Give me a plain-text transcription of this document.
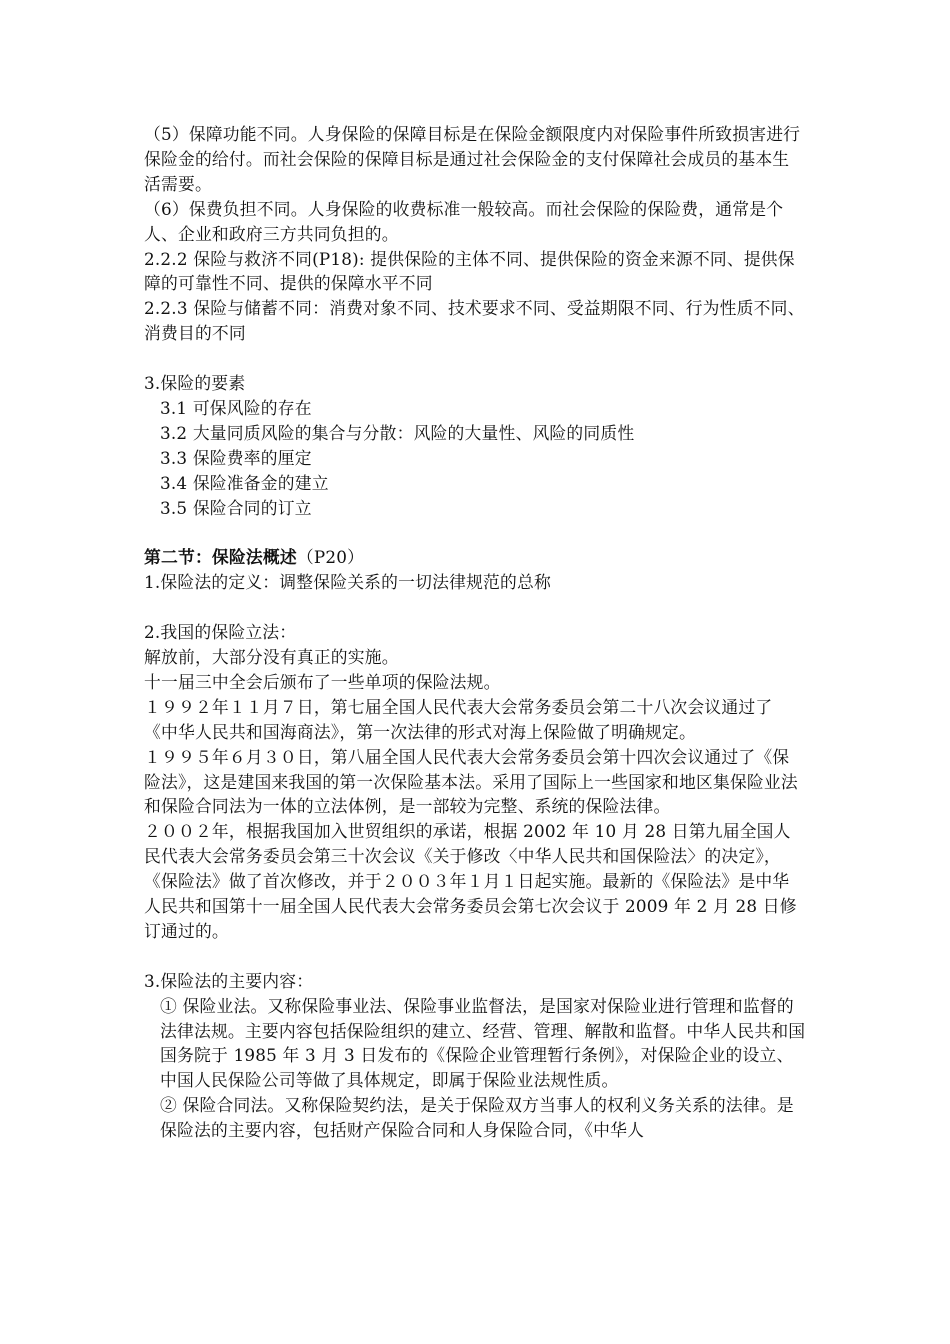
（5）保障功能不同。人身保险的保障目标是在保险金额限度内对保险事件所致损害进行保险金的给付。而社会保险的保障目标是通过社会保险金的支付保障社会成员的基本生活需要。

（6）保费负担不同。人身保险的收费标准一般较高。而社会保险的保险费，通常是个人、企业和政府三方共同负担的。

2.2.2 保险与救济不同(P18): 提供保险的主体不同、提供保险的资金来源不同、提供保障的可靠性不同、提供的保障水平不同

2.2.3 保险与储蓄不同：消费对象不同、技术要求不同、受益期限不同、行为性质不同、消费目的不同

3.保险的要素

3.1 可保风险的存在

3.2 大量同质风险的集合与分散：风险的大量性、风险的同质性

3.3 保险费率的厘定

3.4 保险准备金的建立

3.5 保险合同的订立

第二节：保险法概述（P20）

1.保险法的定义：调整保险关系的一切法律规范的总称

2.我国的保险立法：

解放前，大部分没有真正的实施。

十一届三中全会后颁布了一些单项的保险法规。

１９９２年１１月７日，第七届全国人民代表大会常务委员会第二十八次会议通过了《中华人民共和国海商法》，第一次法律的形式对海上保险做了明确规定。

１９９５年６月３０日，第八届全国人民代表大会常务委员会第十四次会议通过了《保险法》，这是建国来我国的第一次保险基本法。采用了国际上一些国家和地区集保险业法和保险合同法为一体的立法体例，是一部较为完整、系统的保险法律。

２００２年，根据我国加入世贸组织的承诺，根据 2002 年 10 月 28 日第九届全国人民代表大会常务委员会第三十次会议《关于修改〈中华人民共和国保险法〉的决定》，《保险法》做了首次修改，并于２００３年１月１日起实施。最新的《保险法》是中华人民共和国第十一届全国人民代表大会常务委员会第七次会议于 2009 年 2 月 28 日修订通过的。

3.保险法的主要内容：

① 保险业法。又称保险事业法、保险事业监督法，是国家对保险业进行管理和监督的法律法规。主要内容包括保险组织的建立、经营、管理、解散和监督。中华人民共和国国务院于 1985 年 3 月 3 日发布的《保险企业管理暂行条例》，对保险企业的设立、中国人民保险公司等做了具体规定，即属于保险业法规性质。

② 保险合同法。又称保险契约法，是关于保险双方当事人的权利义务关系的法律。是保险法的主要内容，包括财产保险合同和人身保险合同，《中华人
